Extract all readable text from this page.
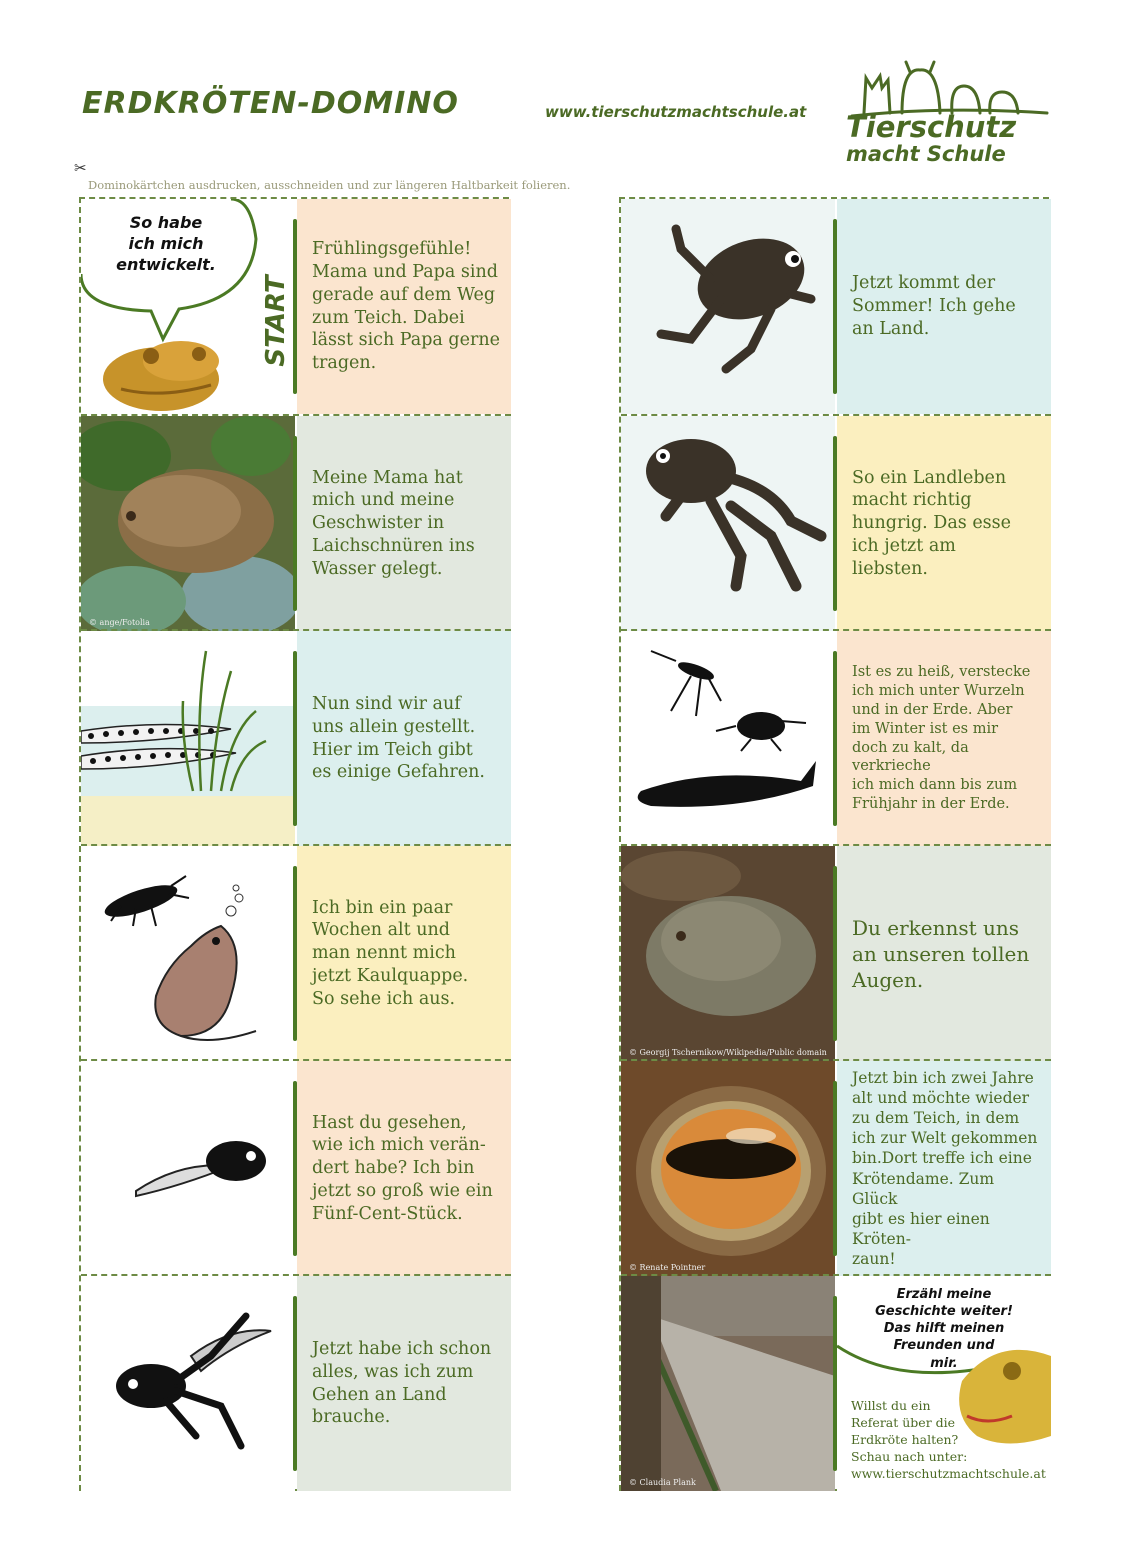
ERDKRÖTEN-DOMINO	www.tierschutzmachtschule.at Tierschutz
macht Schule
✂
Dominokärtchen ausdrucken, ausschneiden und zur längeren Haltbarkeit folieren.
So habe
ich mich
entwickelt.
START
Frühlingsgefühle!
Mama und Papa sind
gerade auf dem Weg
zum Teich. Dabei
lässt sich Papa gerne
tragen.
© ange/Fotolia
Meine Mama hat
mich und meine
Geschwister in
Laichschnüren ins
Wasser gelegt.
Nun sind wir auf
uns allein gestellt.
Hier im Teich gibt
es einige Gefahren.
Ich bin ein paar
Wochen alt und
man nennt mich
jetzt Kaulquappe.
So sehe ich aus.
Hast du gesehen,
wie ich mich verän-
dert habe? Ich bin
jetzt so groß wie ein
Fünf-Cent-Stück.
Jetzt habe ich schon
alles, was ich zum
Gehen an Land
brauche.
Jetzt kommt der
Sommer! Ich gehe
an Land.
So ein Landleben
macht richtig
hungrig. Das esse
ich jetzt am
liebsten.
Ist es zu heiß, verstecke
ich mich unter Wurzeln
und in der Erde. Aber
im Winter ist es mir
doch zu kalt, da verkrieche
ich mich dann bis zum
Frühjahr in der Erde.
© Georgij Tschernikow/Wikipedia/Public domain
Du erkennst uns
an unseren tollen
Augen.
© Renate Pointner
Jetzt bin ich zwei Jahre
alt und möchte wieder
zu dem Teich, in dem
ich zur Welt gekommen
bin.Dort treffe ich eine
Krötendame. Zum Glück
gibt es hier einen Kröten-
zaun!
© Claudia Plank
Erzähl meine
Geschichte weiter!
Das hilft meinen
Freunden und
mir.
Willst du ein
Referat über die
Erdkröte halten?
Schau nach unter:
www.tierschutzmachtschule.at
